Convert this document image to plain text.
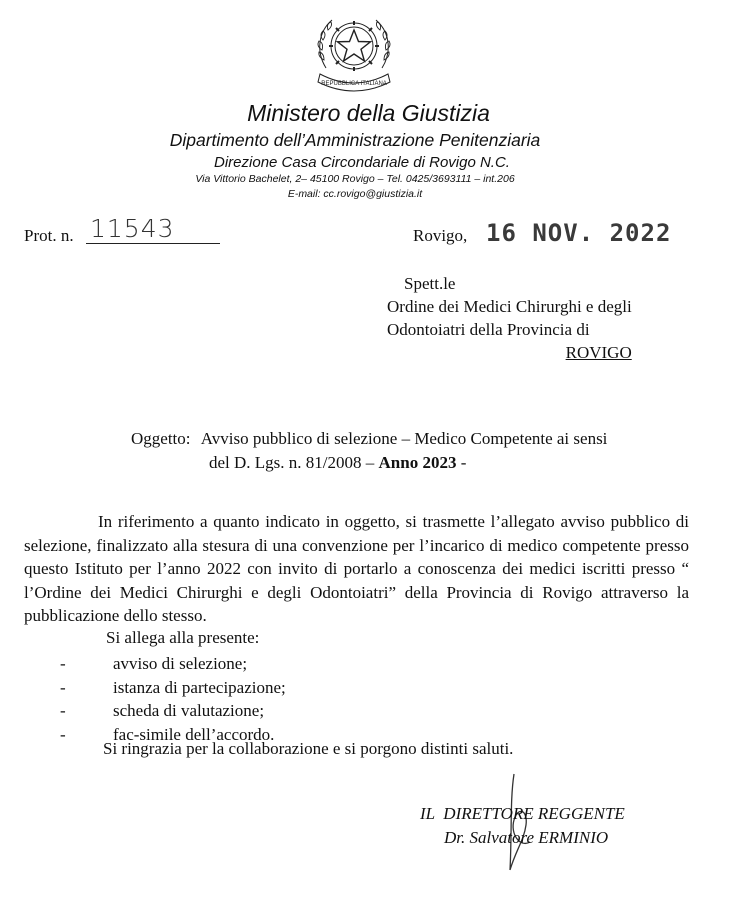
REPUBBLICA ITALIANA
Ministero della Giustizia
Dipartimento dell’Amministrazione Penitenziaria
Direzione Casa Circondariale di Rovigo N.C.
Via Vittorio Bachelet, 2– 45100 Rovigo – Tel. 0425/3693111 – int.206
E-mail: cc.rovigo@giustizia.it
Prot. n. 11543	Rovigo, 16 NOV. 2022
Spett.le
Ordine dei Medici Chirurghi e degli
Odontoiatri della Provincia di
ROVIGO
Oggetto: Avviso pubblico di selezione – Medico Competente ai sensi
del D. Lgs. n. 81/2008 – Anno 2023 -
In riferimento a quanto indicato in oggetto, si trasmette l’allegato avviso pubblico di selezione, finalizzato alla stesura di una convenzione per l’incarico di medico competente presso questo Istituto per l’anno 2022 con invito di portarlo a conoscenza dei medici iscritti presso “ l’Ordine dei Medici Chirurghi e degli Odontoiatri” della Provincia di Rovigo attraverso la pubblicazione dello stesso.
Si allega alla presente:
-	avviso di selezione;
-	istanza di partecipazione;
-	scheda di valutazione;
-	fac-simile dell’accordo.
Si ringrazia per la collaborazione e si porgono distinti saluti.
IL  DIRETTORE REGGENTE
Dr. Salvatore ERMINIO
